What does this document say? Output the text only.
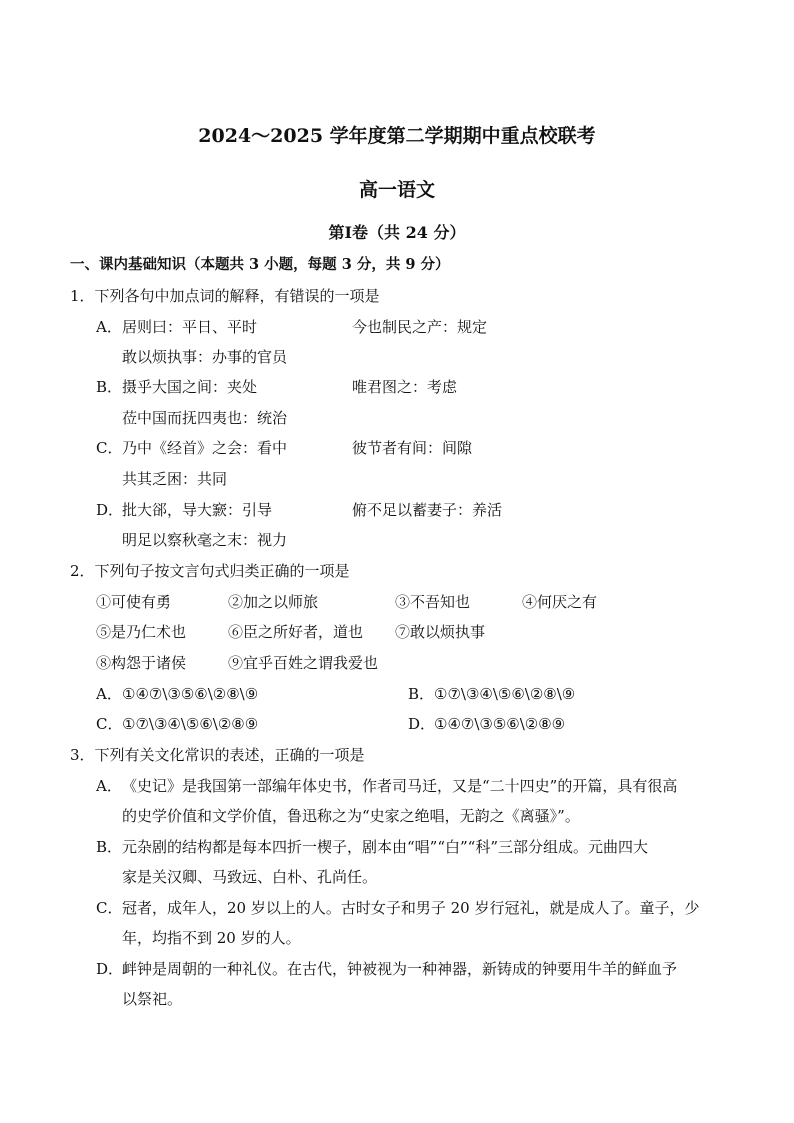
2024～2025 学年度第二学期期中重点校联考
高一语文
第Ⅰ卷（共 24 分）
一、课内基础知识（本题共 3 小题，每题 3 分，共 9 分）
1．下列各句中加点词的解释，有错误的一项是
A． 居则曰：平日、平时	今也制民之产：规定
敢以烦执事：办事的官员
B． 摄乎大国之间：夹处	唯君图之：考虑
莅中国而抚四夷也：统治
C． 乃中《经首》之会：看中	彼节者有间：间隙
共其乏困：共同
D．
批大郤，导大窾：引导	俯不足以蓄妻子：养活
明足以察秋毫之末：视力
2．下列句子按文言句式归类正确的一项是
①可使有勇	②加之以师旅	③不吾知也	④何厌之有
⑤是乃仁术也	⑥臣之所好者，道也 ⑦敢以烦执事
⑧构怨于诸侯	⑨宜乎百姓之谓我爱也
A． ①④⑦\③⑤⑥\②⑧\⑨	B． ①⑦\③④\⑤⑥\②⑧\⑨
C． ①⑦\③④\⑤⑥\②⑧⑨	D．
①④⑦\③⑤⑥\②⑧⑨
3．下列有关文化常识的表述，正确的一项是
A． 《史记》是我国第一部编年体史书，作者司马迁，又是“二十四史”的开篇，具有很高
的史学价值和文学价值，鲁迅称之为“史家之绝唱，无韵之《离骚》”。
B． 元杂剧的结构都是每本四折一楔子，剧本由“唱”“白”“科”三部分组成。元曲四大
家是关汉卿、马致远、白朴、孔尚任。
C． 冠者，成年人，20 岁以上的人。古时女子和男子 20 岁行冠礼，就是成人了。童子，少
年，均指不到 20 岁的人。
D．
衅钟是周朝的一种礼仪。在古代，钟被视为一种神器，新铸成的钟要用牛羊的鲜血予
以祭祀。
